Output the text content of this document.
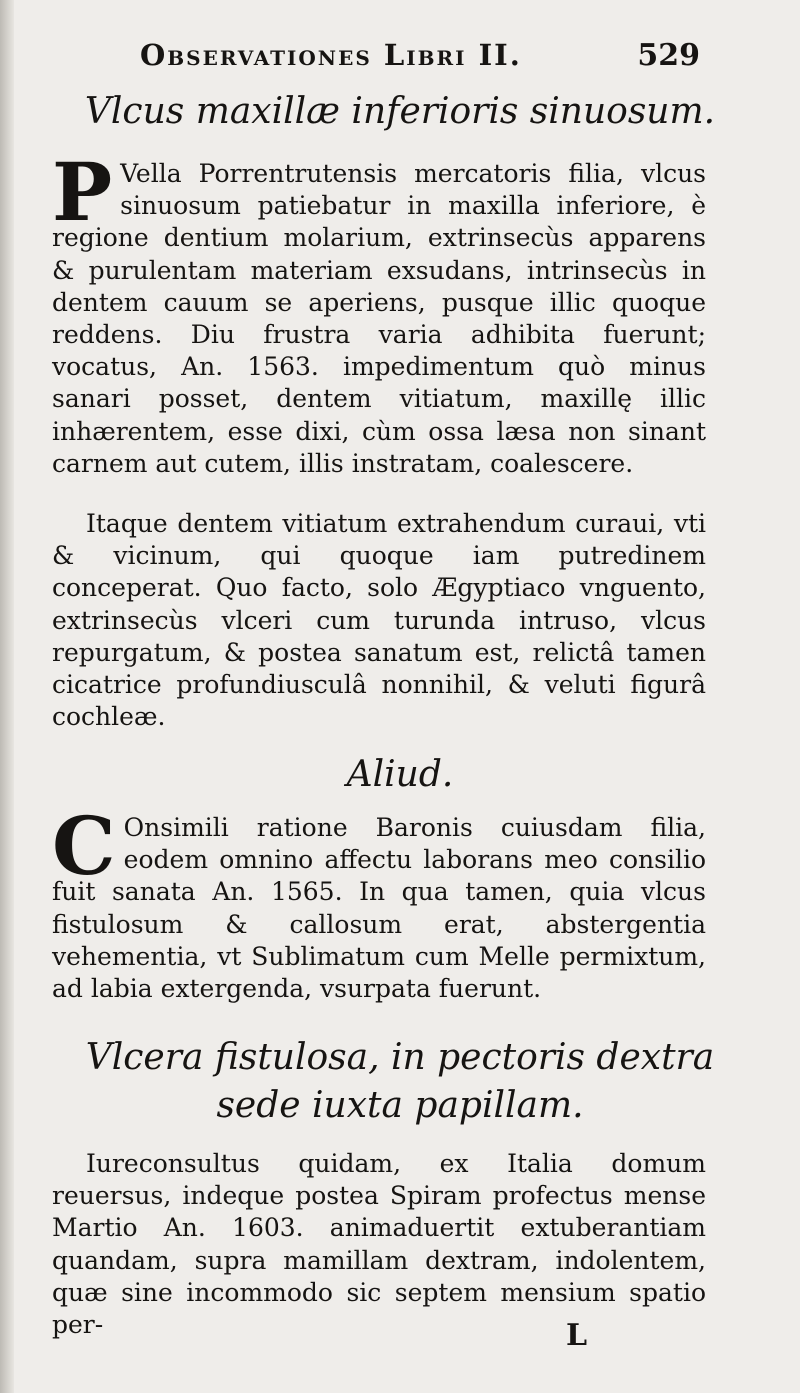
Observationes Libri II.	529
Vlcus maxillæ inferioris sinuosum.
P Vella Porrentrutensis mercatoris filia, vlcus sinuosum patiebatur in maxilla inferiore, è regione dentium molarium, extrinsecùs apparens & purulentam materiam exsudans, intrinsecùs in dentem cauum se aperiens, pusque illic quoque reddens. Diu frustra varia adhibita fuerunt; vocatus, An. 1563. impedimentum quò minus sanari posset, dentem vitiatum, maxillę illic inhærentem, esse dixi, cùm ossa læsa non sinant carnem aut cutem, illis instratam, coalescere.

Itaque dentem vitiatum extrahendum curaui, vti & vicinum, qui quoque iam putredinem conceperat. Quo facto, solo Ægyptiaco vnguento, extrinsecùs vlceri cum turunda intruso, vlcus repurgatum, & postea sanatum est, relictâ tamen cicatrice profundiusculâ nonnihil, & veluti figurâ cochleæ.

Aliud.
C Onsimili ratione Baronis cuiusdam filia, eodem omnino affectu laborans meo consilio fuit sanata An. 1565. In qua tamen, quia vlcus fistulosum & callosum erat, abstergentia vehementia, vt Sublimatum cum Melle permixtum, ad labia extergenda, vsurpata fuerunt.

Vlcera fistulosa, in pectoris dextra
sede iuxta papillam.

Iureconsultus quidam, ex Italia domum reuersus, indeque postea Spiram profectus mense Martio An. 1603. animaduertit extuberantiam quandam, supra mamillam dextram, indolentem, quæ sine incommodo sic septem mensium spatio per-	L
